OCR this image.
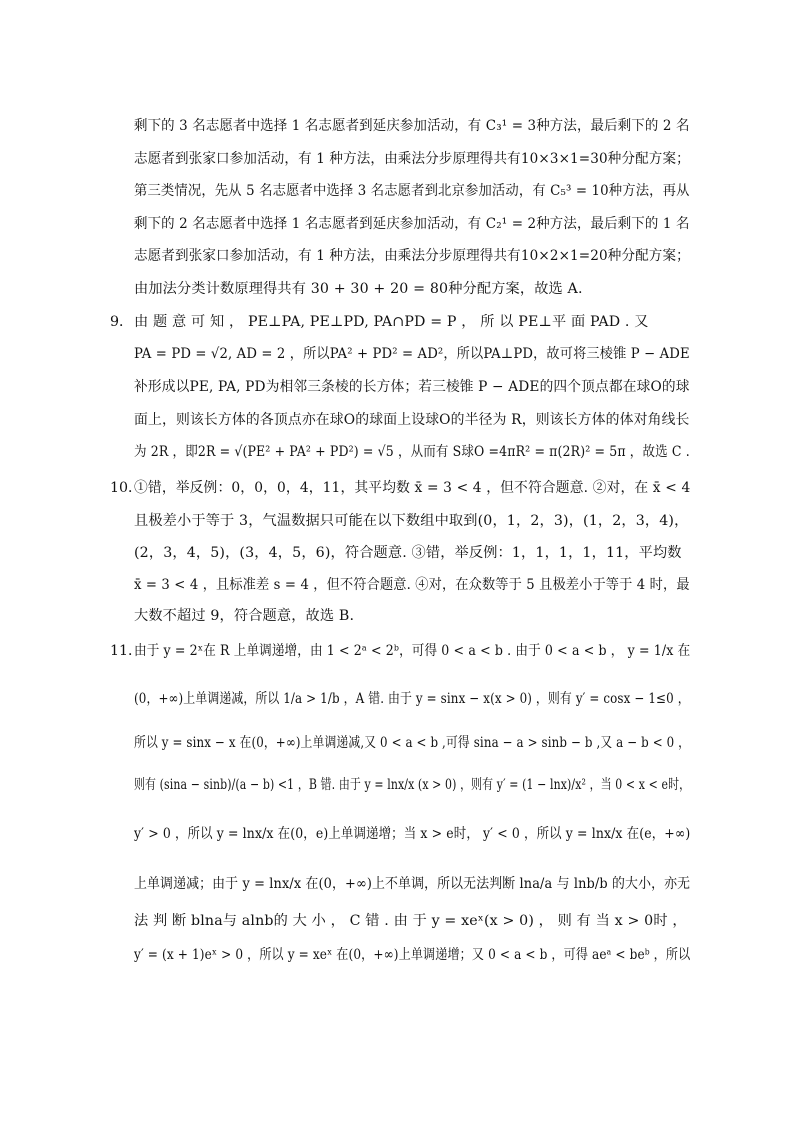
剩下的 3 名志愿者中选择 1 名志愿者到延庆参加活动，有 C₃¹ = 3种方法，最后剩下的 2 名
志愿者到张家口参加活动，有 1 种方法，由乘法分步原理得共有10×3×1=30种分配方案；
第三类情况，先从 5 名志愿者中选择 3 名志愿者到北京参加活动，有 C₅³ = 10种方法，再从
剩下的 2 名志愿者中选择 1 名志愿者到延庆参加活动，有 C₂¹ = 2种方法，最后剩下的 1 名
志愿者到张家口参加活动，有 1 种方法，由乘法分步原理得共有10×2×1=20种分配方案；
由加法分类计数原理得共有 30 + 30 + 20 = 80种分配方案，故选 A.
9． 由 题 意 可 知 ， PE⊥PA, PE⊥PD, PA∩PD = P ， 所 以 PE⊥平 面 PAD . 又
PA = PD = √2, AD = 2 ，所以PA² + PD² = AD²，所以PA⊥PD，故可将三棱锥 P − ADE
补形成以PE, PA, PD为相邻三条棱的长方体；若三棱锥 P − ADE的四个顶点都在球O的球
面上，则该长方体的各顶点亦在球O的球面上设球O的半径为 R，则该长方体的体对角线长
为 2R ，即2R = √(PE² + PA² + PD²) = √5 ，从而有 S球O =4πR² = π(2R)² = 5π ，故选 C .
10．
①错，举反例：0，0，0，4，11，其平均数 x̄ = 3 < 4 ，但不符合题意. ②对，在 x̄ < 4
且极差小于等于 3，气温数据只可能在以下数组中取到(0，1，2，3)，(1，2，3，4)，
(2，3，4，5)，(3，4，5，6)，符合题意. ③错，举反例：1，1，1，1，11，平均数
x̄ = 3 < 4 ，且标准差 s = 4 ，但不符合题意. ④对，在众数等于 5 且极差小于等于 4 时，最
大数不超过 9，符合题意，故选 B.
11．
由于 y = 2ˣ在 R 上单调递增，由 1 < 2ᵃ < 2ᵇ，可得 0 < a < b . 由于 0 < a < b ， y = 1/x 在
(0，+∞)上单调递减，所以 1/a > 1/b ，A 错. 由于 y = sinx − x(x > 0) ，则有 y′ = cosx − 1≤0 ，
所以 y = sinx − x 在(0，+∞)上单调递减,又 0 < a < b ,可得 sina − a > sinb − b ,又 a − b < 0 ，
则有 (sina − sinb)/(a − b) <1 ，B 错. 由于 y = lnx/x (x > 0) ，则有 y′ = (1 − lnx)/x² ，当 0 < x < e时，
y′ > 0 ，所以 y = lnx/x 在(0，e)上单调递增；当 x > e时， y′ < 0 ，所以 y = lnx/x 在(e，+∞)
上单调递减；由于 y = lnx/x 在(0，+∞)上不单调，所以无法判断 lna/a 与 lnb/b 的大小，亦无
法 判 断 blna与 alnb的 大 小 ， C 错 . 由 于 y = xeˣ(x > 0) ， 则 有 当 x > 0时 ，
y′ = (x + 1)eˣ > 0 ，所以 y = xeˣ 在(0，+∞)上单调递增；又 0 < a < b ，可得 aeᵃ < beᵇ ，所以
